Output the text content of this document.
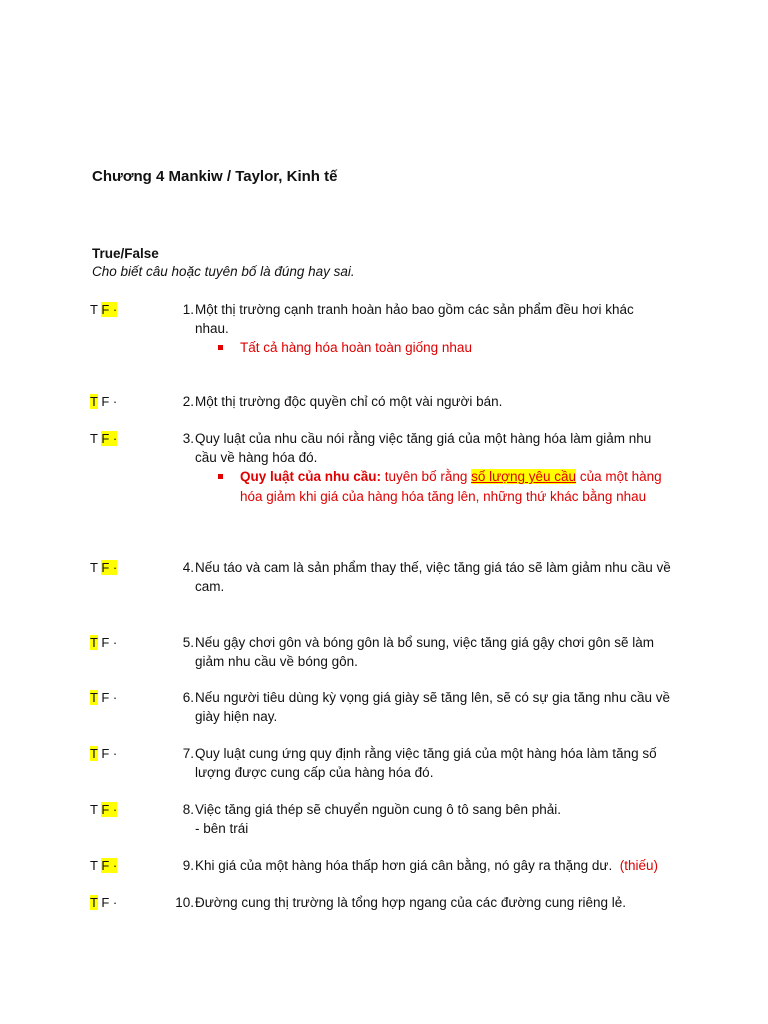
Chương 4 Mankiw / Taylor, Kinh tế
True/False
Cho biết câu hoặc tuyên bố là đúng hay sai.
T F ·	1. Một thị trường cạnh tranh hoàn hảo bao gồm các sản phẩm đều hơi khác
nhau.
Tất cả hàng hóa hoàn toàn giống nhau
T F ·	2. Một thị trường độc quyền chỉ có một vài người bán.
T F ·	3. Quy luật của nhu cầu nói rằng việc tăng giá của một hàng hóa làm giảm nhu
cầu về hàng hóa đó.
Quy luật của nhu cầu: tuyên bố rằng số lượng yêu cầu của một hàng
hóa giảm khi giá của hàng hóa tăng lên, những thứ khác bằng nhau
T F ·	4. Nếu táo và cam là sản phẩm thay thế, việc tăng giá táo sẽ làm giảm nhu cầu về
cam.
T F ·	5. Nếu gậy chơi gôn và bóng gôn là bổ sung, việc tăng giá gậy chơi gôn sẽ làm
giảm nhu cầu về bóng gôn.
T F ·	6. Nếu người tiêu dùng kỳ vọng giá giày sẽ tăng lên, sẽ có sự gia tăng nhu cầu về
giày hiện nay.
T F ·	7. Quy luật cung ứng quy định rằng việc tăng giá của một hàng hóa làm tăng số
lượng được cung cấp của hàng hóa đó.
T F ·	8. Việc tăng giá thép sẽ chuyển nguồn cung ô tô sang bên phải.
- bên trái
T F ·	9. Khi giá của một hàng hóa thấp hơn giá cân bằng, nó gây ra thặng dư. (thiếu)
T F ·	10. Đường cung thị trường là tổng hợp ngang của các đường cung riêng lẻ.
